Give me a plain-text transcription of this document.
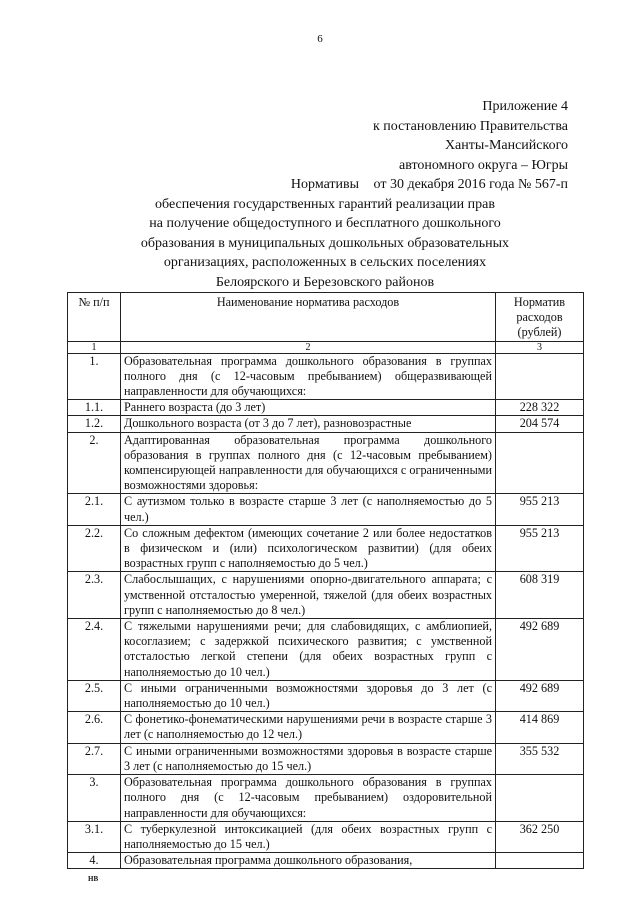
6
Приложение 4
к постановлению Правительства
Ханты-Мансийского
автономного округа – Югры
от 30 декабря 2016 года № 567-п
Нормативы
обеспечения государственных гарантий реализации прав
на получение общедоступного и бесплатного дошкольного
образования в муниципальных дошкольных образовательных
организациях, расположенных в сельских поселениях
Белоярского и Березовского районов
№ п/п	Наименование норматива расходов	Норматив расходов (рублей)
1	2	3
1.	Образовательная программа дошкольного образования в группах полного дня (с 12-часовым пребыванием) общеразвивающей направленности для обучающихся:	
1.1.	Раннего возраста (до 3 лет)	228 322
1.2.	Дошкольного возраста (от 3 до 7 лет), разновозрастные	204 574
2.	Адаптированная образовательная программа дошкольного образования в группах полного дня (с 12-часовым пребыванием) компенсирующей направленности для обучающихся с ограниченными возможностями здоровья:	
2.1.	С аутизмом только в возрасте старше 3 лет (с наполняемостью до 5 чел.)	955 213
2.2.	Со сложным дефектом (имеющих сочетание 2 или более недостатков в физическом и (или) психологическом развитии) (для обеих возрастных групп с наполняемостью до 5 чел.)	955 213
2.3.	Слабослышащих, с нарушениями опорно-двигательного аппарата; с умственной отсталостью умеренной, тяжелой (для обеих возрастных групп с наполняемостью до 8 чел.)	608 319
2.4.	С тяжелыми нарушениями речи; для слабовидящих, с амблиопией, косоглазием; с задержкой психического развития; с умственной отсталостью легкой степени (для обеих возрастных групп с наполняемостью до 10 чел.)	492 689
2.5.	С иными ограниченными возможностями здоровья до 3 лет (с наполняемостью до 10 чел.)	492 689
2.6.	С фонетико-фонематическими нарушениями речи в возрасте старше 3 лет (с наполняемостью до 12 чел.)	414 869
2.7.	С иными ограниченными возможностями здоровья в возрасте старше 3 лет (с наполняемостью до 15 чел.)	355 532
3.	Образовательная программа дошкольного образования в группах полного дня (с 12-часовым пребыванием) оздоровительной направленности для обучающихся:	
3.1.	С туберкулезной интоксикацией (для обеих возрастных групп с наполняемостью до 15 чел.)	362 250
4.	Образовательная программа дошкольного образования,	
НВ
